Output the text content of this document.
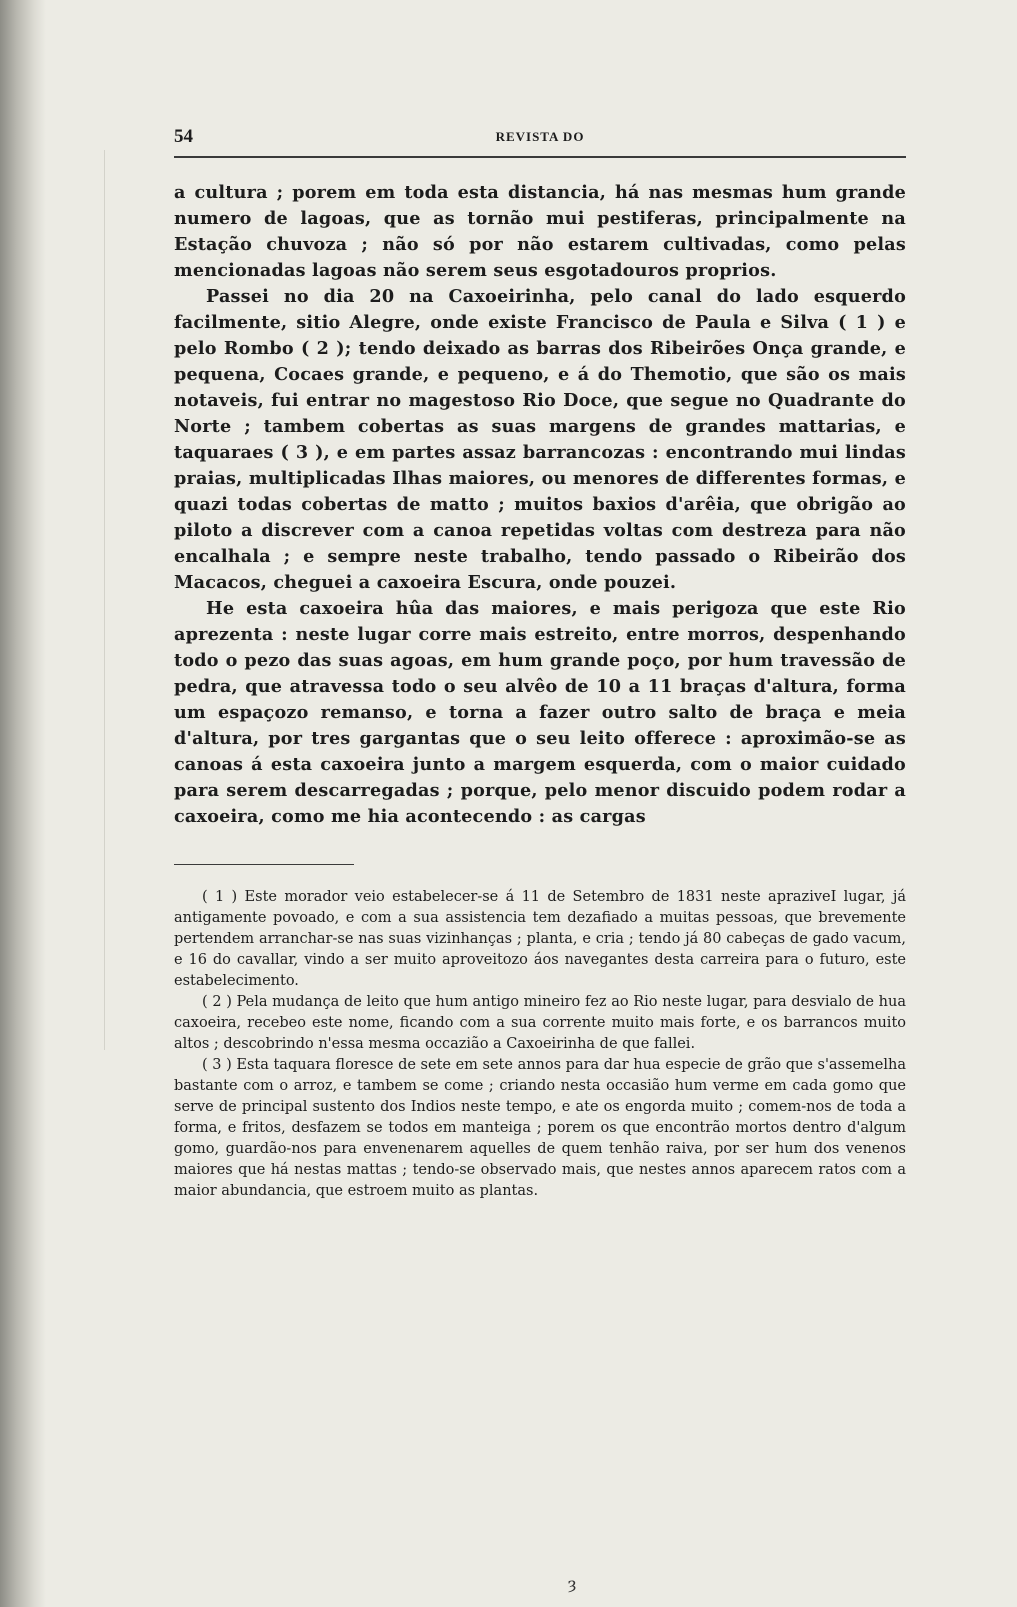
54	REVISTA DO

a cultura ; porem em toda esta distancia, há nas mesmas hum grande numero de lagoas, que as tornão mui pestiferas, principalmente na Estação chuvoza ; não só por não estarem cultivadas, como pelas mencionadas lagoas não serem seus esgotadouros proprios.

Passei no dia 20 na Caxoeirinha, pelo canal do lado esquerdo facilmente, sitio Alegre, onde existe Francisco de Paula e Silva ( 1 ) e pelo Rombo ( 2 ); tendo deixado as barras dos Ribeirões Onça grande, e pequena, Cocaes grande, e pequeno, e á do Themotio, que são os mais notaveis, fui entrar no magestoso Rio Doce, que segue no Quadrante do Norte ; tambem cobertas as suas margens de grandes mattarias, e taquaraes ( 3 ), e em partes assaz barrancozas : encontrando mui lindas praias, multiplicadas Ilhas maiores, ou menores de differentes formas, e quazi todas cobertas de matto ; muitos baxios d'arêia, que obrigão ao piloto a discrever com a canoa repetidas voltas com destreza para não encalhala ; e sempre neste trabalho, tendo passado o Ribeirão dos Macacos, cheguei a caxoeira Escura, onde pouzei.

He esta caxoeira hûa das maiores, e mais perigoza que este Rio aprezenta : neste lugar corre mais estreito, entre morros, despenhando todo o pezo das suas agoas, em hum grande poço, por hum travessão de pedra, que atravessa todo o seu alvêo de 10 a 11 braças d'altura, forma um espaçozo remanso, e torna a fazer outro salto de braça e meia d'altura, por tres gargantas que o seu leito offerece : aproximão-se as canoas á esta caxoeira junto a margem esquerda, com o maior cuidado para serem descarregadas ; porque, pelo menor discuido podem rodar a caxoeira, como me hia acontecendo : as cargas

( 1 ) Este morador veio estabelecer-se á 11 de Setembro de 1831 neste apraziveI lugar, já antigamente povoado, e com a sua assistencia tem dezafiado a muitas pessoas, que brevemente pertendem arranchar-se nas suas vizinhanças ; planta, e cria ; tendo já 80 cabeças de gado vacum, e 16 do cavallar, vindo a ser muito aproveitozo áos navegantes desta carreira para o futuro, este estabelecimento.

( 2 ) Pela mudança de leito que hum antigo mineiro fez ao Rio neste lugar, para desvialo de hua caxoeira, recebeo este nome, ficando com a sua corrente muito mais forte, e os barrancos muito altos ; descobrindo n'essa mesma occazião a Caxoeirinha de que fallei.

( 3 ) Esta taquara floresce de sete em sete annos para dar hua especie de grão que s'assemelha bastante com o arroz, e tambem se come ; criando nesta occasião hum verme em cada gomo que serve de principal sustento dos Indios neste tempo, e ate os engorda muito ; comem-nos de toda a forma, e fritos, desfazem se todos em manteiga ; porem os que encontrão mortos dentro d'algum gomo, guardão-nos para envenenarem aquelles de quem tenhão raiva, por ser hum dos venenos maiores que há nestas mattas ; tendo-se observado mais, que nestes annos aparecem ratos com a maior abundancia, que estroem muito as plantas.

ȝ
